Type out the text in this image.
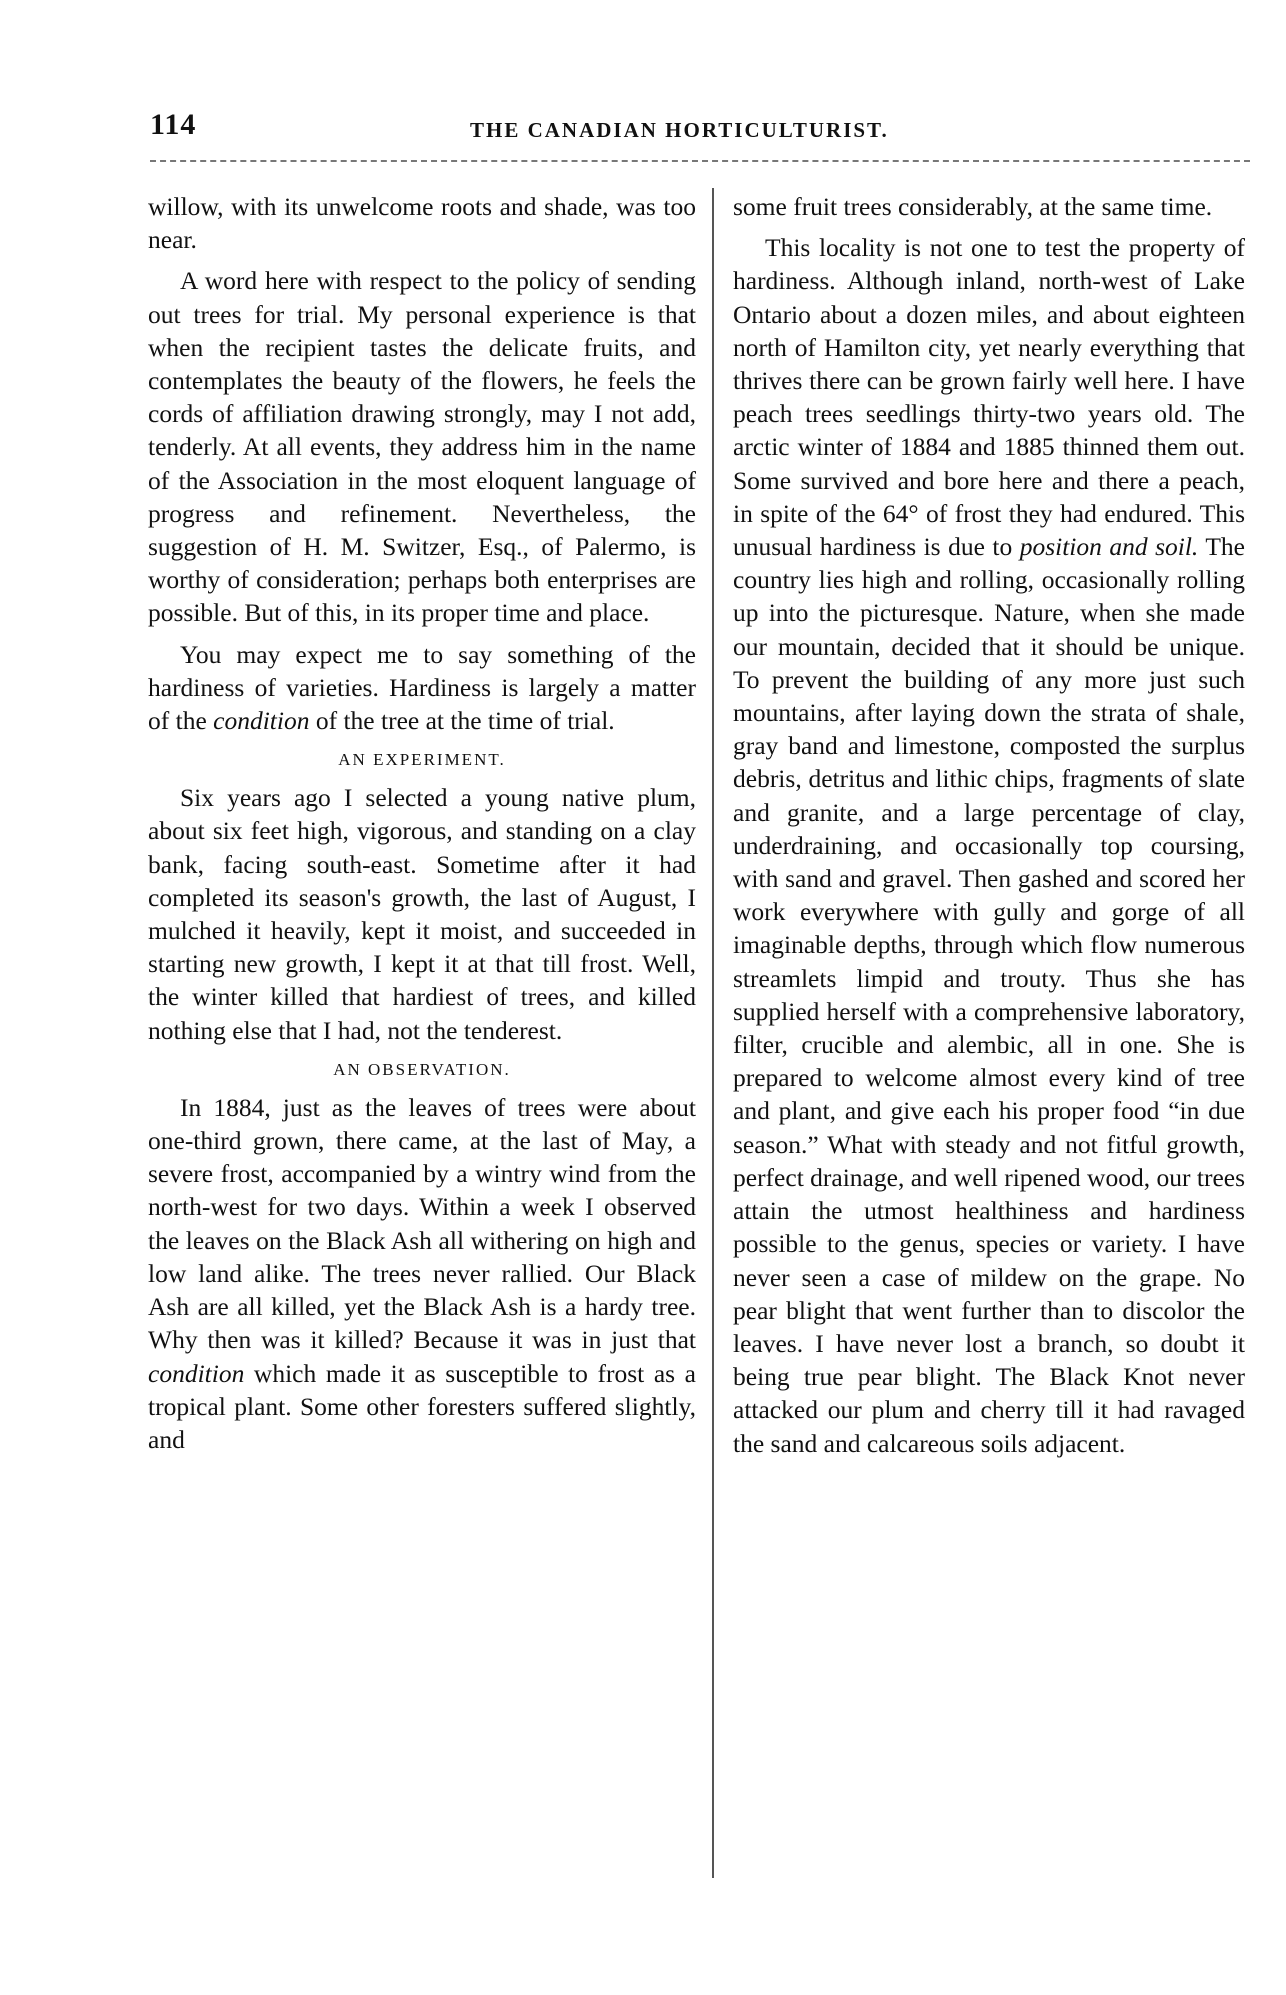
114	THE CANADIAN HORTICULTURIST.

willow, with its unwelcome roots and shade, was too near.

A word here with respect to the policy of sending out trees for trial. My personal experience is that when the recipient tastes the delicate fruits, and contemplates the beauty of the flowers, he feels the cords of affiliation drawing strongly, may I not add, tenderly. At all events, they address him in the name of the Association in the most eloquent language of progress and refinement. Nevertheless, the suggestion of H. M. Switzer, Esq., of Palermo, is worthy of consideration; perhaps both enterprises are possible. But of this, in its proper time and place.

You may expect me to say something of the hardiness of varieties. Hardiness is largely a matter of the condition of the tree at the time of trial.

AN EXPERIMENT.

Six years ago I selected a young native plum, about six feet high, vigorous, and standing on a clay bank, facing south-east. Sometime after it had completed its season's growth, the last of August, I mulched it heavily, kept it moist, and succeeded in starting new growth, I kept it at that till frost. Well, the winter killed that hardiest of trees, and killed nothing else that I had, not the tenderest.

AN OBSERVATION.

In 1884, just as the leaves of trees were about one-third grown, there came, at the last of May, a severe frost, accompanied by a wintry wind from the north-west for two days. Within a week I observed the leaves on the Black Ash all withering on high and low land alike. The trees never rallied. Our Black Ash are all killed, yet the Black Ash is a hardy tree. Why then was it killed? Because it was in just that condition which made it as susceptible to frost as a tropical plant. Some other foresters suffered slightly, and

some fruit trees considerably, at the same time.

This locality is not one to test the property of hardiness. Although inland, north-west of Lake Ontario about a dozen miles, and about eighteen north of Hamilton city, yet nearly everything that thrives there can be grown fairly well here. I have peach trees seedlings thirty-two years old. The arctic winter of 1884 and 1885 thinned them out. Some survived and bore here and there a peach, in spite of the 64° of frost they had endured. This unusual hardiness is due to position and soil. The country lies high and rolling, occasionally rolling up into the picturesque. Nature, when she made our mountain, decided that it should be unique. To prevent the building of any more just such mountains, after laying down the strata of shale, gray band and limestone, composted the surplus debris, detritus and lithic chips, fragments of slate and granite, and a large percentage of clay, underdraining, and occasionally top coursing, with sand and gravel. Then gashed and scored her work everywhere with gully and gorge of all imaginable depths, through which flow numerous streamlets limpid and trouty. Thus she has supplied herself with a comprehensive laboratory, filter, crucible and alembic, all in one. She is prepared to welcome almost every kind of tree and plant, and give each his proper food “in due season.” What with steady and not fitful growth, perfect drainage, and well ripened wood, our trees attain the utmost healthiness and hardiness possible to the genus, species or variety. I have never seen a case of mildew on the grape. No pear blight that went further than to discolor the leaves. I have never lost a branch, so doubt it being true pear blight. The Black Knot never attacked our plum and cherry till it had ravaged the sand and calcareous soils adjacent.
